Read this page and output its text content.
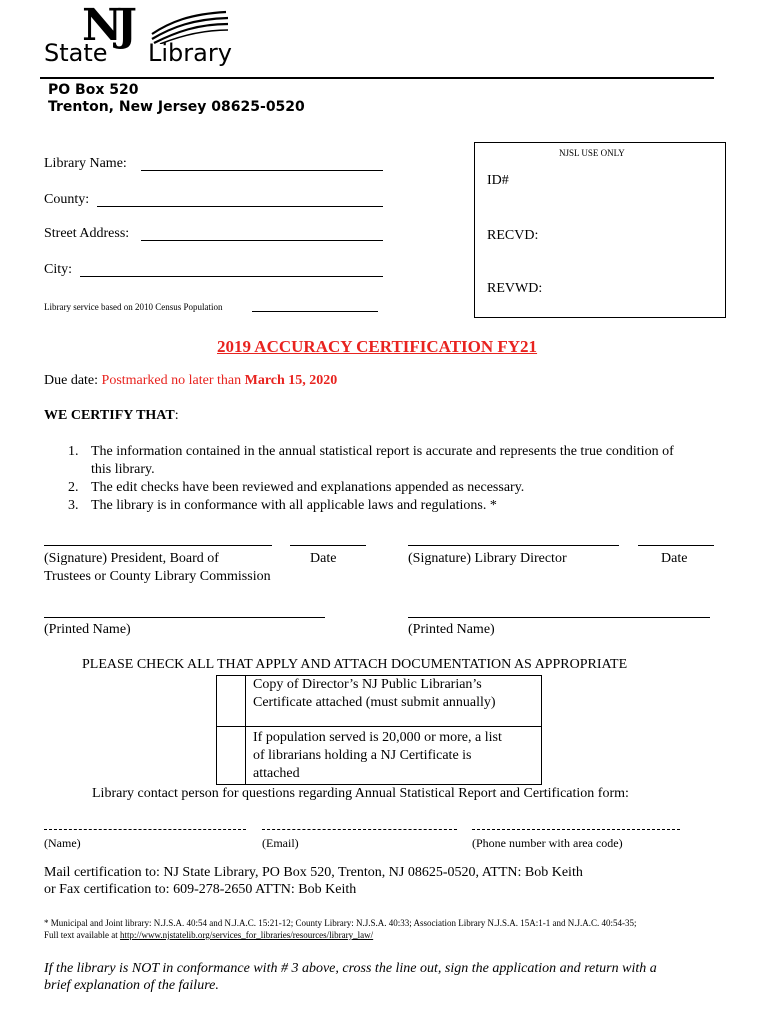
NJ
State Library
PO Box 520
Trenton, New Jersey 08625-0520
Library Name:
County:
Street Address:
City:
Library service based on 2010 Census Population
NJSL USE ONLY
ID#
RECVD:
REVWD:
2019 ACCURACY CERTIFICATION FY21
Due date: Postmarked no later than March 15, 2020
WE CERTIFY THAT:
1. The information contained in the annual statistical report is accurate and represents the true condition of
this library.
2. The edit checks have been reviewed and explanations appended as necessary.
3. The library is in conformance with all applicable laws and regulations. *
(Signature) President, Board of
Trustees or County Library Commission
Date	(Signature) Library Director	Date
(Printed Name)	(Printed Name)
PLEASE CHECK ALL THAT APPLY AND ATTACH DOCUMENTATION AS APPROPRIATE
Copy of Director’s NJ Public Librarian’s
Certificate attached (must submit annually)
If population served is 20,000 or more, a list
of librarians holding a NJ Certificate is
attached
Library contact person for questions regarding Annual Statistical Report and Certification form:
(Name)	(Email)	(Phone number with area code)
Mail certification to: NJ State Library, PO Box 520, Trenton, NJ 08625-0520, ATTN: Bob Keith
or Fax certification to: 609-278-2650 ATTN: Bob Keith
* Municipal and Joint library: N.J.S.A. 40:54 and N.J.A.C. 15:21-12; County Library: N.J.S.A. 40:33; Association Library N.J.S.A. 15A:1-1 and N.J.A.C. 40:54-35;
Full text available at http://www.njstatelib.org/services_for_libraries/resources/library_law/
If the library is NOT in conformance with # 3 above, cross the line out, sign the application and return with a
brief explanation of the failure.
